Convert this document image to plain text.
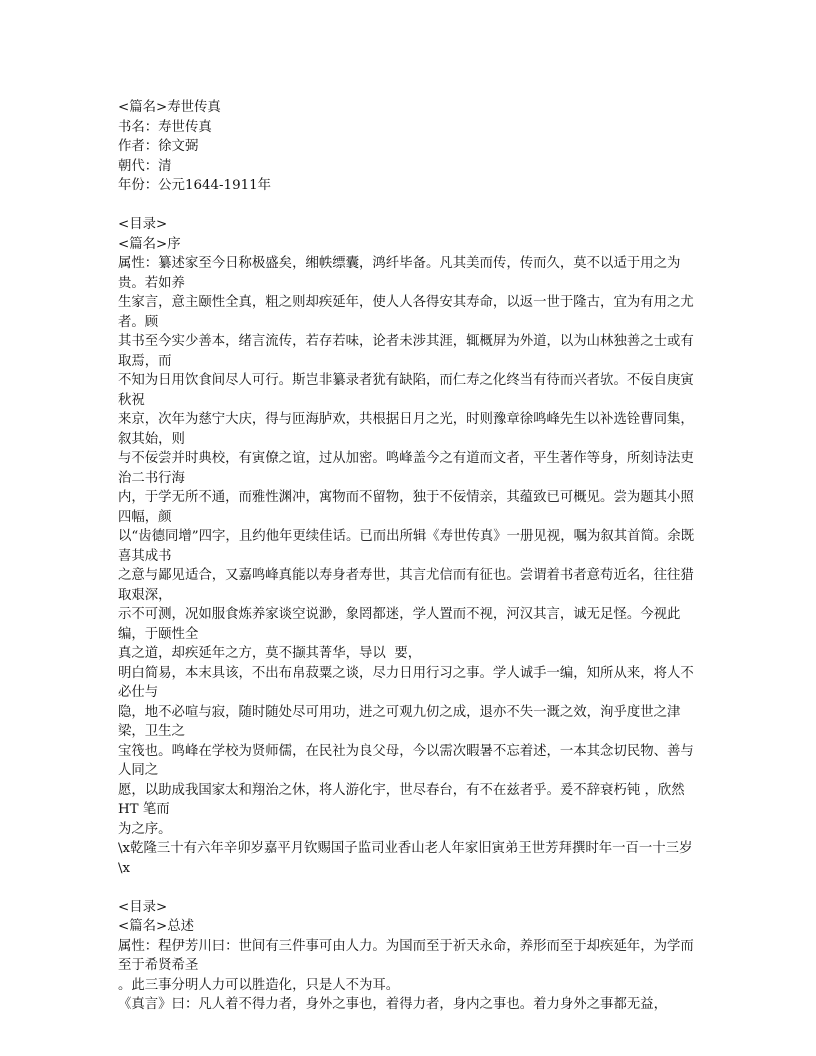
<篇名>寿世传真
书名：寿世传真
作者：徐文弼
朝代：清
年份：公元1644-1911年
<目录>
<篇名>序
属性：纂述家至今日称极盛矣，缃帙缥囊，鸿纤毕备。凡其美而传，传而久，莫不以适于用之为贵。若如养
生家言，意主颐性全真，粗之则却疾延年，使人人各得安其寿命，以返一世于隆古，宜为有用之尤者。顾
其书至今实少善本，绪言流传，若存若味，论者未涉其涯，辄概屏为外道，以为山林独善之士或有取焉，而
不知为日用饮食间尽人可行。斯岂非纂录者犹有缺陷，而仁寿之化终当有待而兴者欤。不佞自庚寅秋祝
来京，次年为慈宁大庆，得与匝海胪欢，共根据日月之光，时则豫章徐鸣峰先生以补选铨曹同集，叙其始，则
与不佞尝并时典校，有寅僚之谊，过从加密。鸣峰盖今之有道而文者，平生著作等身，所刻诗法吏治二书行海
内，于学无所不通，而雅性渊冲，寓物而不留物，独于不佞情亲，其蕴致已可概见。尝为题其小照四幅，颜
以“齿德同增”四字，且约他年更续佳话。已而出所辑《寿世传真》一册见视，嘱为叙其首简。余既喜其成书
之意与鄙见适合，又嘉鸣峰真能以寿身者寿世，其言尤信而有征也。尝谓着书者意苟近名，往往猎取艰深，
示不可测，况如服食炼养家谈空说渺，象罔都迷，学人置而不视，河汉其言，诚无足怪。今视此编，于颐性全
真之道，却疾延年之方，莫不撷其菁华，导以  要，
明白简易，本末具该，不出布帛菽粟之谈，尽力日用行习之事。学人诚手一编，知所从来，将人不必仕与
隐，地不必喧与寂，随时随处尽可用功，进之可观九仞之成，退亦不失一溉之效，洵乎度世之津梁，卫生之
宝筏也。鸣峰在学校为贤师儒，在民社为良父母，今以需次暇暑不忘着述，一本其念切民物、善与人同之
愿，以助成我国家太和翔治之休，将人游化宇，世尽春台，有不在兹者乎。爰不辞衰朽钝 ，欣然HT 笔而
为之序。
\x乾隆三十有六年辛卯岁嘉平月钦赐国子监司业香山老人年家旧寅弟王世芳拜撰时年一百一十三岁\x
<目录>
<篇名>总述
属性：程伊芳川曰：世间有三件事可由人力。为国而至于祈天永命，养形而至于却疾延年，为学而至于希贤希圣
。此三事分明人力可以胜造化，只是人不为耳。
《真言》曰：凡人着不得力者，身外之事也，着得力者，身内之事也。着力身外之事都无益，
